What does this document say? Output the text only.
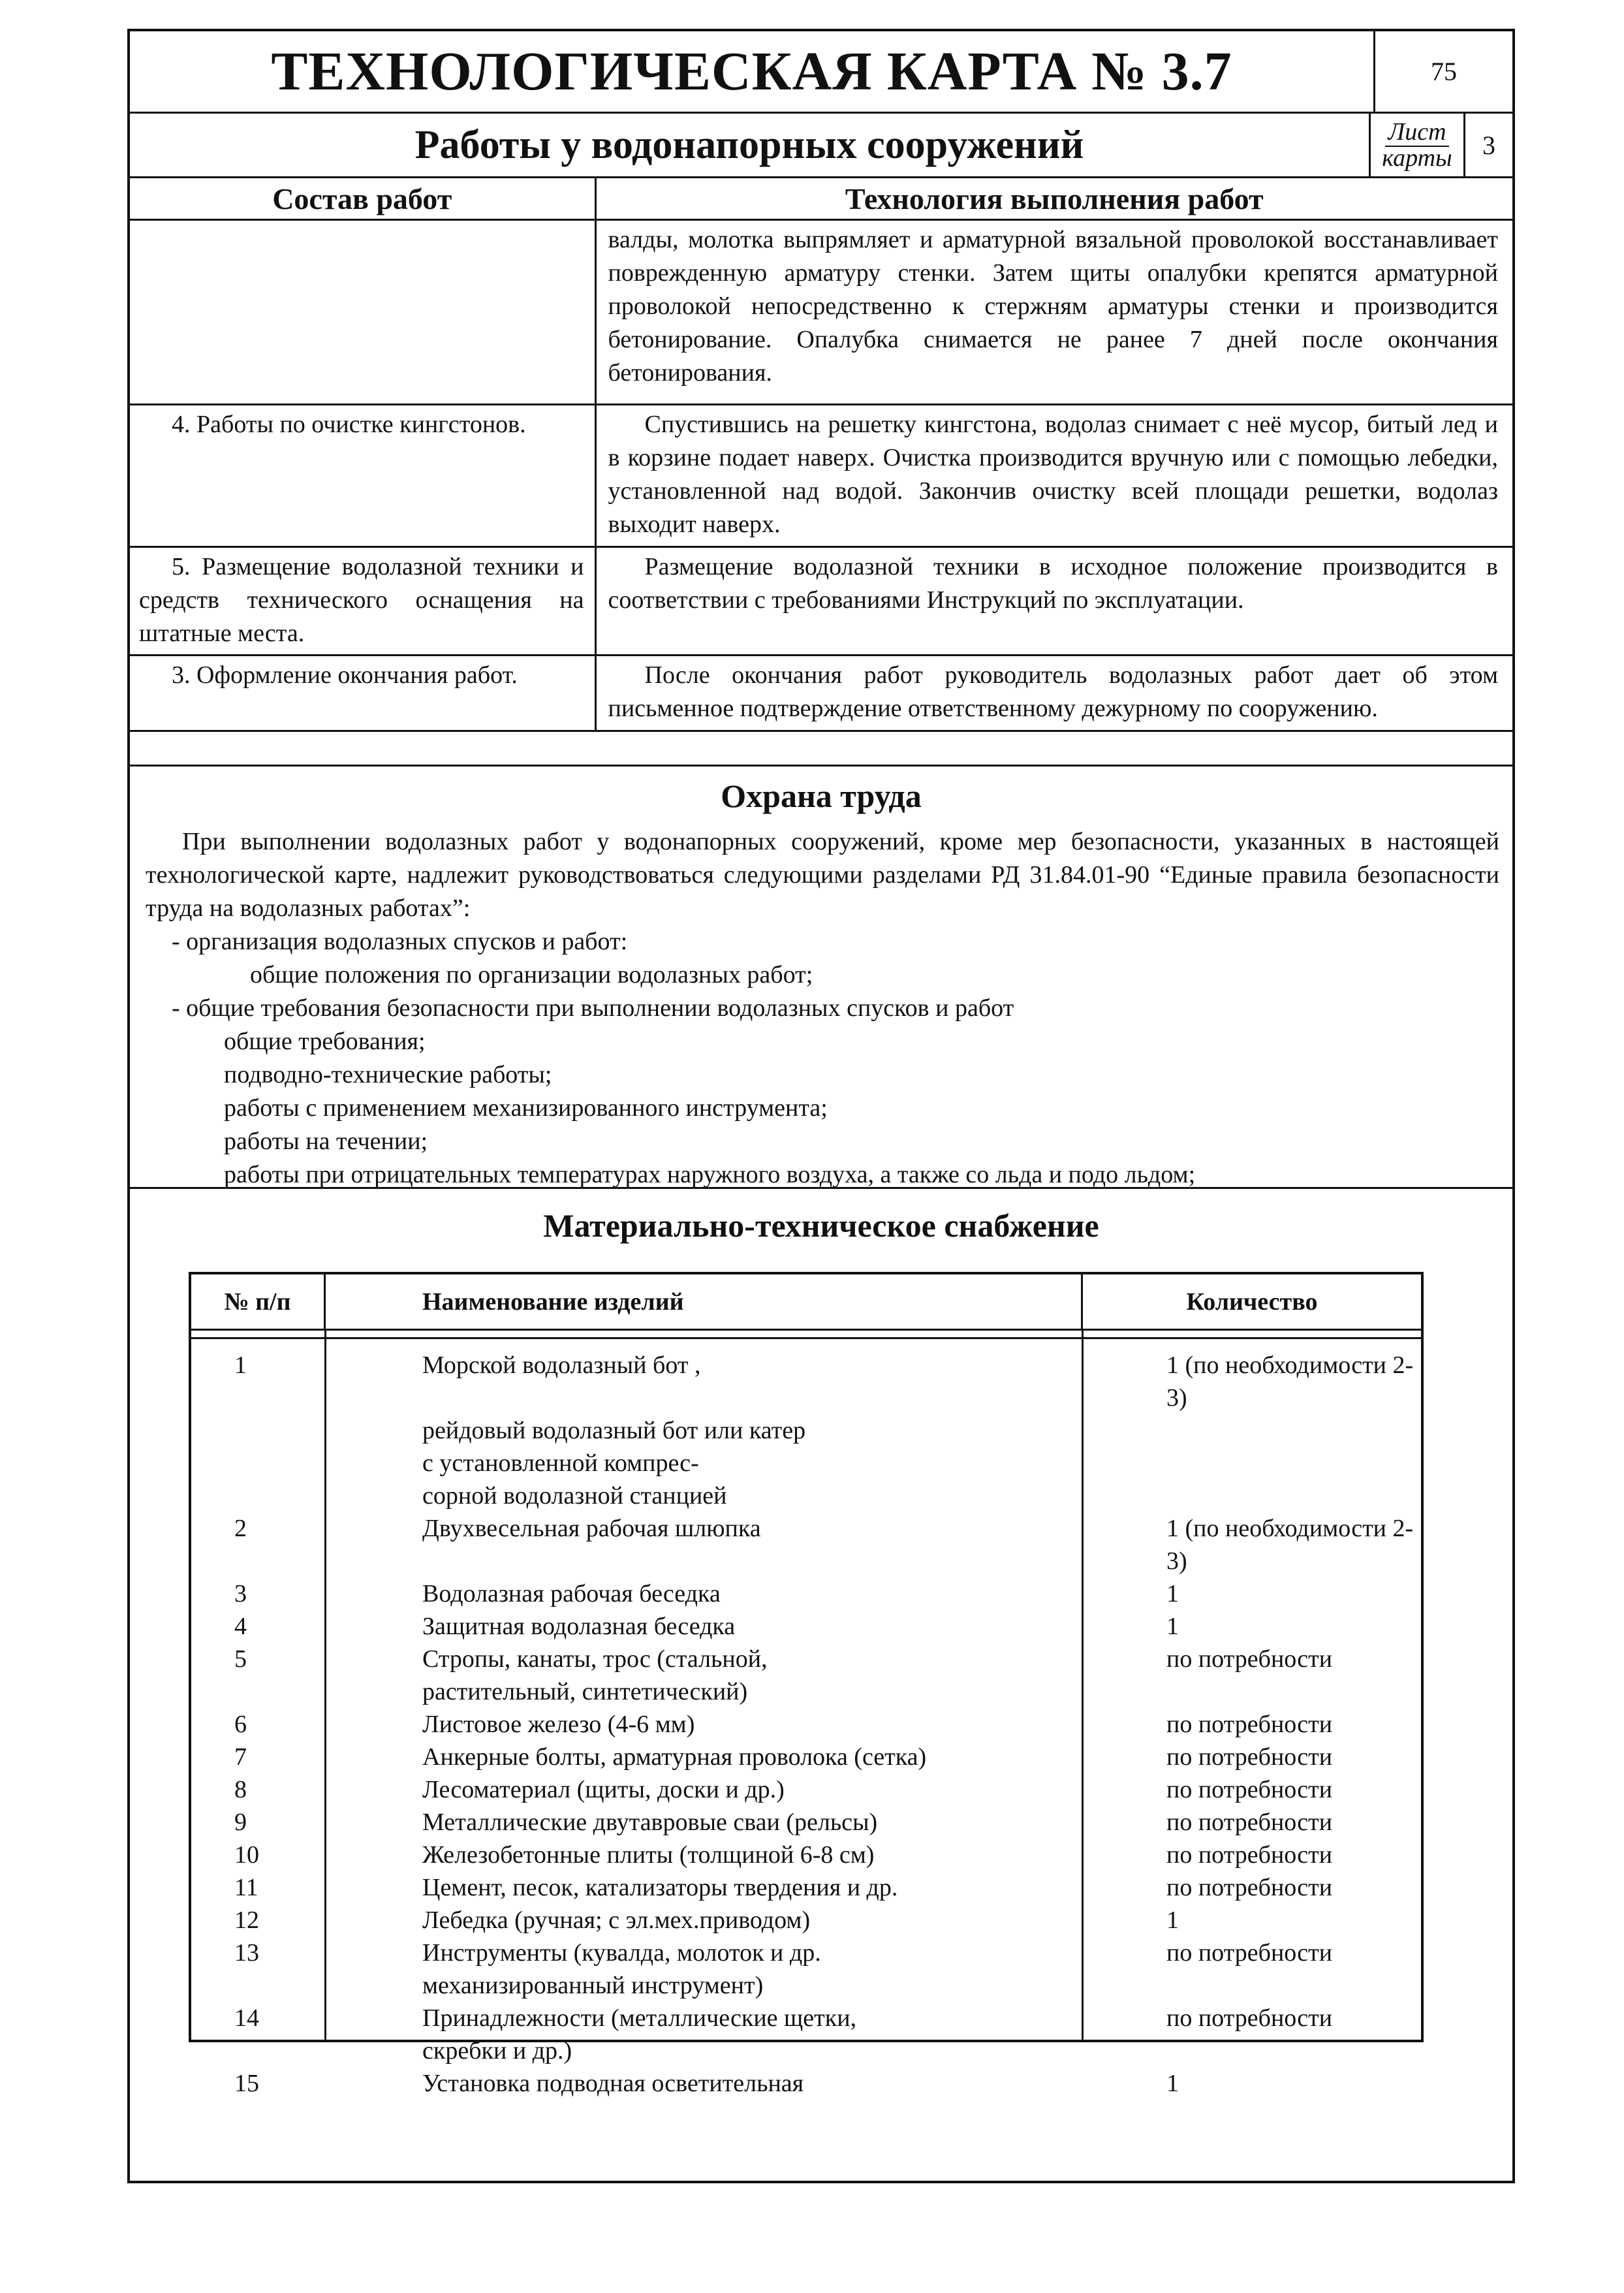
ТЕХНОЛОГИЧЕСКАЯ КАРТА № 3.7
Работы у водонапорных сооружений
75
Лист
карты	3
Состав работ	Технология выполнения работ
	валды, молотка выпрямляет и арматурной вязальной проволокой восстанавливает поврежденную арматуру стенки. Затем щиты опалубки крепятся арматурной проволокой непосредственно к стержням арматуры стенки и производится бетонирование. Опалубка снимается не ранее 7 дней после окончания бетонирования.
4. Работы по очистке кингстонов.	Спустившись на решетку кингстона, водолаз снимает с неё мусор, битый лед и в корзине подает наверх. Очистка производится вручную или с помощью лебедки, установленной над водой. Закончив очистку всей площади решетки, водолаз выходит наверх.
5. Размещение водолазной техники и средств технического оснащения на штатные места.	Размещение водолазной техники в исходное положение производится в соответствии с требованиями Инструкций по эксплуатации.
3. Оформление окончания работ.	После окончания работ руководитель водолазных работ дает об этом письменное подтверждение ответственному дежурному по сооружению.
Охрана труда

При выполнении водолазных работ у водонапорных сооружений, кроме мер безопасности, указанных в настоящей технологической карте, надлежит руководствоваться следующими разделами РД 31.84.01-90 “Единые правила безопасности труда на водолазных работах”:

- организация водолазных спусков и работ:
общие положения по организации водолазных работ;
- общие требования безопасности при выполнении водолазных спусков и работ
общие требования;
подводно-технические работы;
работы с применением механизированного инструмента;
работы на течении;
работы при отрицательных температурах наружного воздуха, а также со льда и подо льдом;
Материально-техническое снабжение
№ п/п	Наименование изделий	Количество
1	Морской водолазный бот ,	1 (по необходимости 2-3)
рейдовый водолазный бот или катер
с установленной компрес-
сорной водолазной станцией
2	Двухвесельная рабочая шлюпка	1 (по необходимости 2-3)
3	Водолазная рабочая беседка	1
4	Защитная водолазная беседка	1
5	Стропы, канаты, трос (стальной,	по потребности
растительный, синтетический)
6	Листовое железо (4-6 мм)	по потребности
7	Анкерные болты, арматурная проволока (сетка)	по потребности
8	Лесоматериал (щиты, доски и др.)	по потребности
9	Металлические двутавровые сваи (рельсы)	по потребности
10	Железобетонные плиты (толщиной 6-8 см)	по потребности
11	Цемент, песок, катализаторы твердения и др.	по потребности
12	Лебедка (ручная; с эл.мех.приводом)	1
13	Инструменты (кувалда, молоток и др.	по потребности
механизированный инструмент)
14	Принадлежности (металлические щетки,	по потребности
скребки и др.)
15	Установка подводная осветительная	1
